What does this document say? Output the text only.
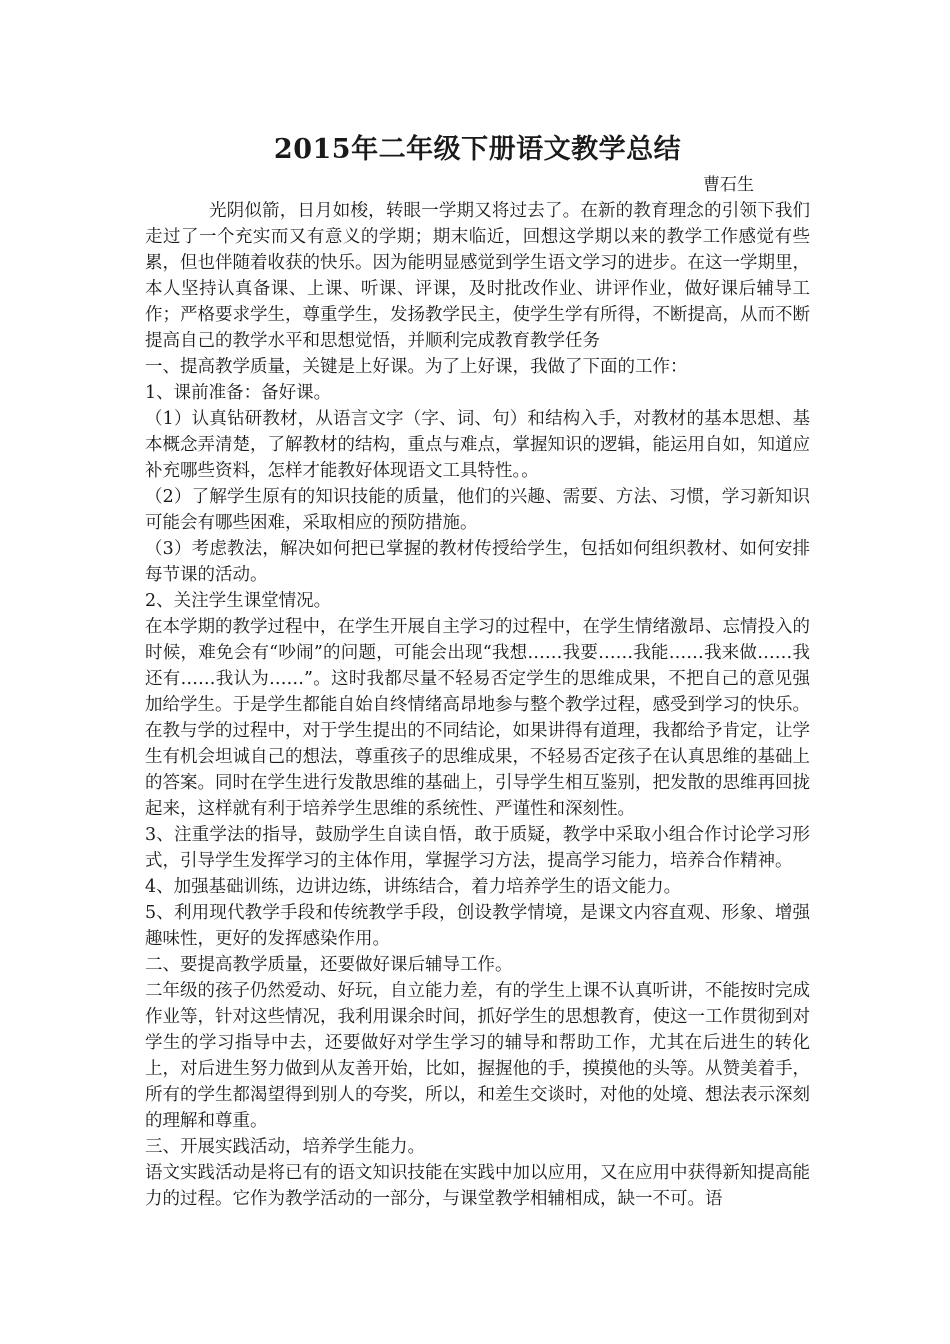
2015年二年级下册语文教学总结

曹石生

光阴似箭，日月如梭，转眼一学期又将过去了。在新的教育理念的引领下我们走过了一个充实而又有意义的学期；期末临近，回想这学期以来的教学工作感觉有些累，但也伴随着收获的快乐。因为能明显感觉到学生语文学习的进步。在这一学期里，本人坚持认真备课、上课、听课、评课，及时批改作业、讲评作业，做好课后辅导工作；严格要求学生，尊重学生，发扬教学民主，使学生学有所得，不断提高，从而不断提高自己的教学水平和思想觉悟，并顺利完成教育教学任务

一、提高教学质量，关键是上好课。为了上好课，我做了下面的工作：

1、课前准备：备好课。

（1）认真钻研教材，从语言文字（字、词、句）和结构入手，对教材的基本思想、基本概念弄清楚，了解教材的结构，重点与难点，掌握知识的逻辑，能运用自如，知道应补充哪些资料，怎样才能教好体现语文工具特性。。

（2）了解学生原有的知识技能的质量，他们的兴趣、需要、方法、习惯，学习新知识可能会有哪些困难，采取相应的预防措施。

（3）考虑教法，解决如何把已掌握的教材传授给学生，包括如何组织教材、如何安排每节课的活动。

2、关注学生课堂情况。

在本学期的教学过程中，在学生开展自主学习的过程中，在学生情绪激昂、忘情投入的时候，难免会有“吵闹”的问题，可能会出现“我想……我要……我能……我来做……我还有……我认为……”。这时我都尽量不轻易否定学生的思维成果，不把自己的意见强加给学生。于是学生都能自始自终情绪高昂地参与整个教学过程，感受到学习的快乐。在教与学的过程中，对于学生提出的不同结论，如果讲得有道理，我都给予肯定，让学生有机会坦诚自己的想法，尊重孩子的思维成果，不轻易否定孩子在认真思维的基础上的答案。同时在学生进行发散思维的基础上，引导学生相互鉴别，把发散的思维再回拢起来，这样就有利于培养学生思维的系统性、严谨性和深刻性。

3、注重学法的指导，鼓励学生自读自悟，敢于质疑，教学中采取小组合作讨论学习形式，引导学生发挥学习的主体作用，掌握学习方法，提高学习能力，培养合作精神。

4、加强基础训练，边讲边练，讲练结合，着力培养学生的语文能力。

5、利用现代教学手段和传统教学手段，创设教学情境，是课文内容直观、形象、增强趣味性，更好的发挥感染作用。

二、要提高教学质量，还要做好课后辅导工作。

二年级的孩子仍然爱动、好玩，自立能力差，有的学生上课不认真听讲，不能按时完成作业等，针对这些情况，我利用课余时间，抓好学生的思想教育，使这一工作贯彻到对学生的学习指导中去，还要做好对学生学习的辅导和帮助工作，尤其在后进生的转化上，对后进生努力做到从友善开始，比如，握握他的手，摸摸他的头等。从赞美着手，所有的学生都渴望得到别人的夸奖，所以，和差生交谈时，对他的处境、想法表示深刻的理解和尊重。

三、开展实践活动，培养学生能力。

语文实践活动是将已有的语文知识技能在实践中加以应用，又在应用中获得新知提高能力的过程。它作为教学活动的一部分，与课堂教学相辅相成，缺一不可。语
